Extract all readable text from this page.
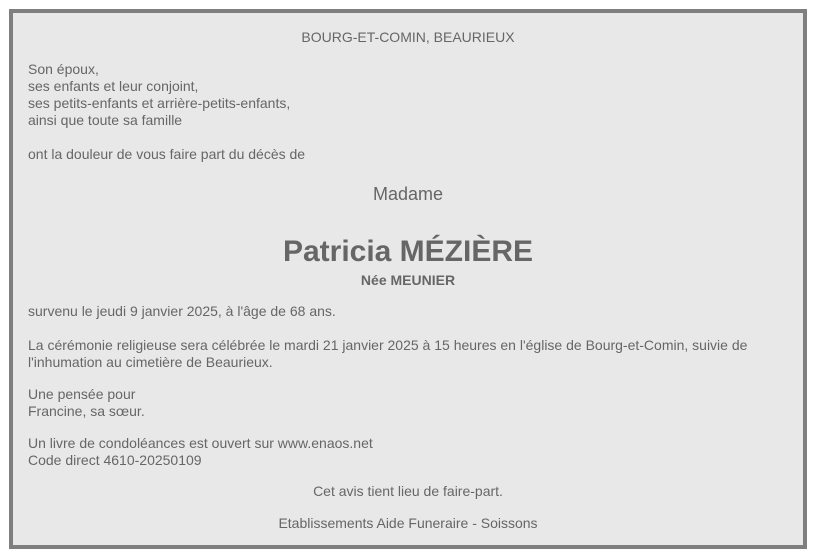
BOURG-ET-COMIN, BEAURIEUX
Son époux,
ses enfants et leur conjoint,
ses petits-enfants et arrière-petits-enfants,
ainsi que toute sa famille
ont la douleur de vous faire part du décès de
Madame
Patricia MÉZIÈRE
Née MEUNIER
survenu le jeudi 9 janvier 2025, à l'âge de 68 ans.
La cérémonie religieuse sera célébrée le mardi 21 janvier 2025 à 15 heures en l'église de Bourg-et-Comin, suivie de l'inhumation au cimetière de Beaurieux.
Une pensée pour
Francine, sa sœur.
Un livre de condoléances est ouvert sur www.enaos.net
Code direct 4610-20250109
Cet avis tient lieu de faire-part.
Etablissements Aide Funeraire - Soissons
